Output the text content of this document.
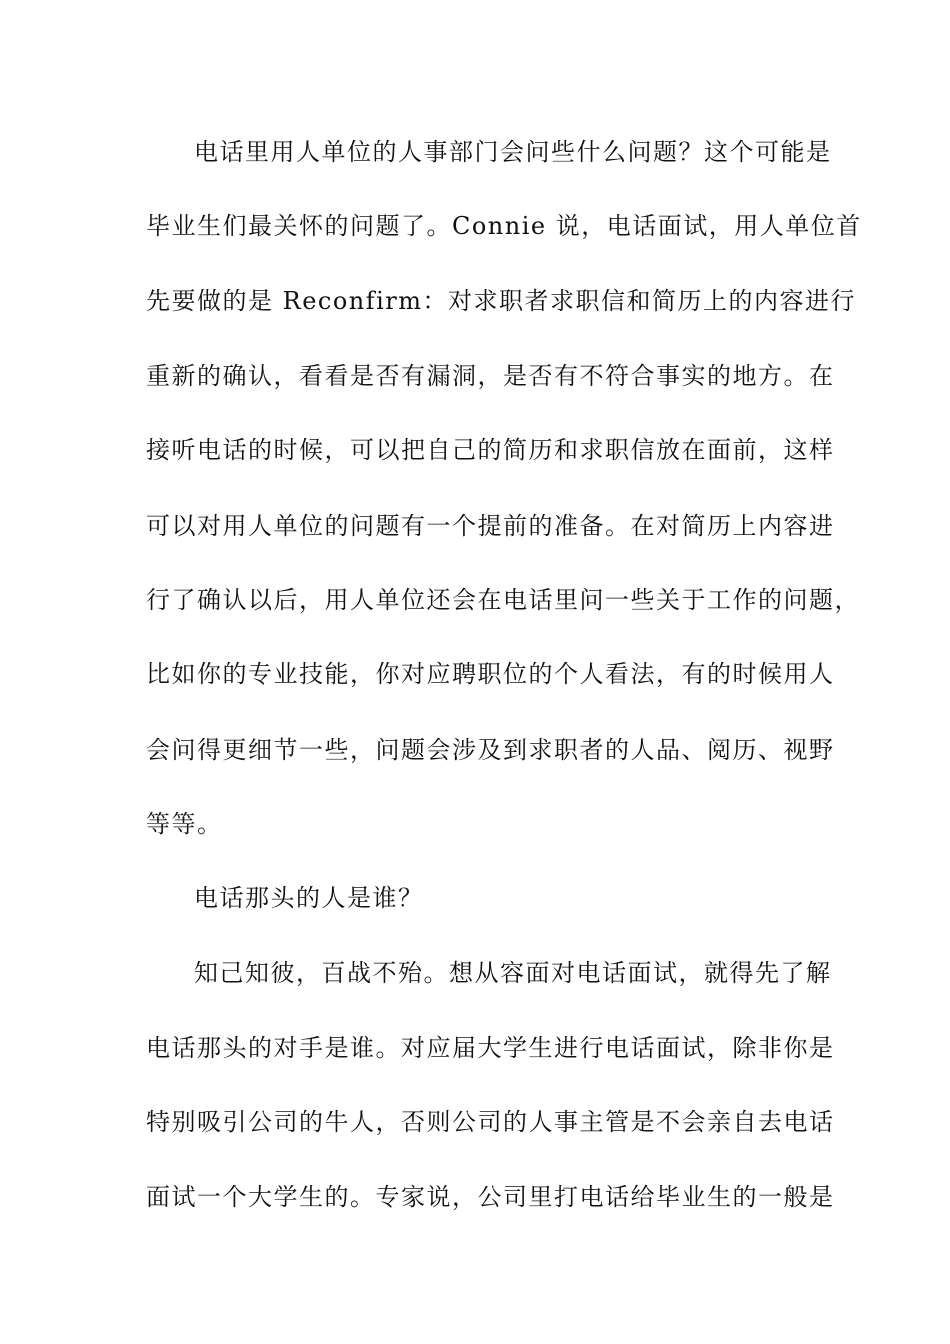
电话里用人单位的人事部门会问些什么问题？这个可能是
毕业生们最关怀的问题了。Connie 说，电话面试，用人单位首
先要做的是 Reconfirm：对求职者求职信和简历上的内容进行
重新的确认，看看是否有漏洞，是否有不符合事实的地方。在
接听电话的时候，可以把自己的简历和求职信放在面前，这样
可以对用人单位的问题有一个提前的准备。在对简历上内容进
行了确认以后，用人单位还会在电话里问一些关于工作的问题，
比如你的专业技能，你对应聘职位的个人看法，有的时候用人
会问得更细节一些，问题会涉及到求职者的人品、阅历、视野
等等。
电话那头的人是谁？
知己知彼，百战不殆。想从容面对电话面试，就得先了解
电话那头的对手是谁。对应届大学生进行电话面试，除非你是
特别吸引公司的牛人，否则公司的人事主管是不会亲自去电话
面试一个大学生的。专家说，公司里打电话给毕业生的一般是
